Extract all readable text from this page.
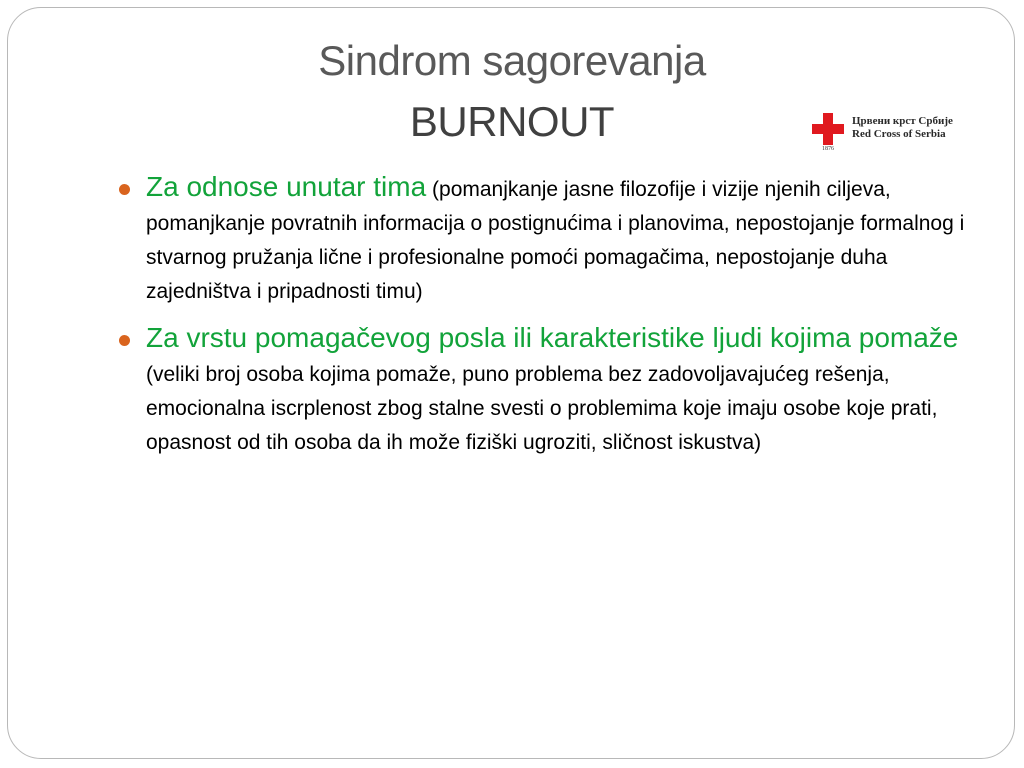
Sindrom sagorevanja
BURNOUT
1876
Црвени крст Србије
Red Cross of Serbia
Za odnose unutar tima (pomanjkanje jasne filozofije i vizije njenih ciljeva, pomanjkanje povratnih informacija o postignućima i planovima, nepostojanje formalnog i stvarnog pružanja lične i profesionalne pomoći pomagačima, nepostojanje duha zajedništva i pripadnosti timu)
Za vrstu pomagačevog posla ili karakteristike ljudi kojima pomaže (veliki broj osoba kojima pomaže, puno problema bez zadovoljavajućeg rešenja, emocionalna iscrplenost zbog stalne svesti o problemima koje imaju osobe koje prati, opasnost od tih osoba da ih može fiziški ugroziti, sličnost iskustva)
